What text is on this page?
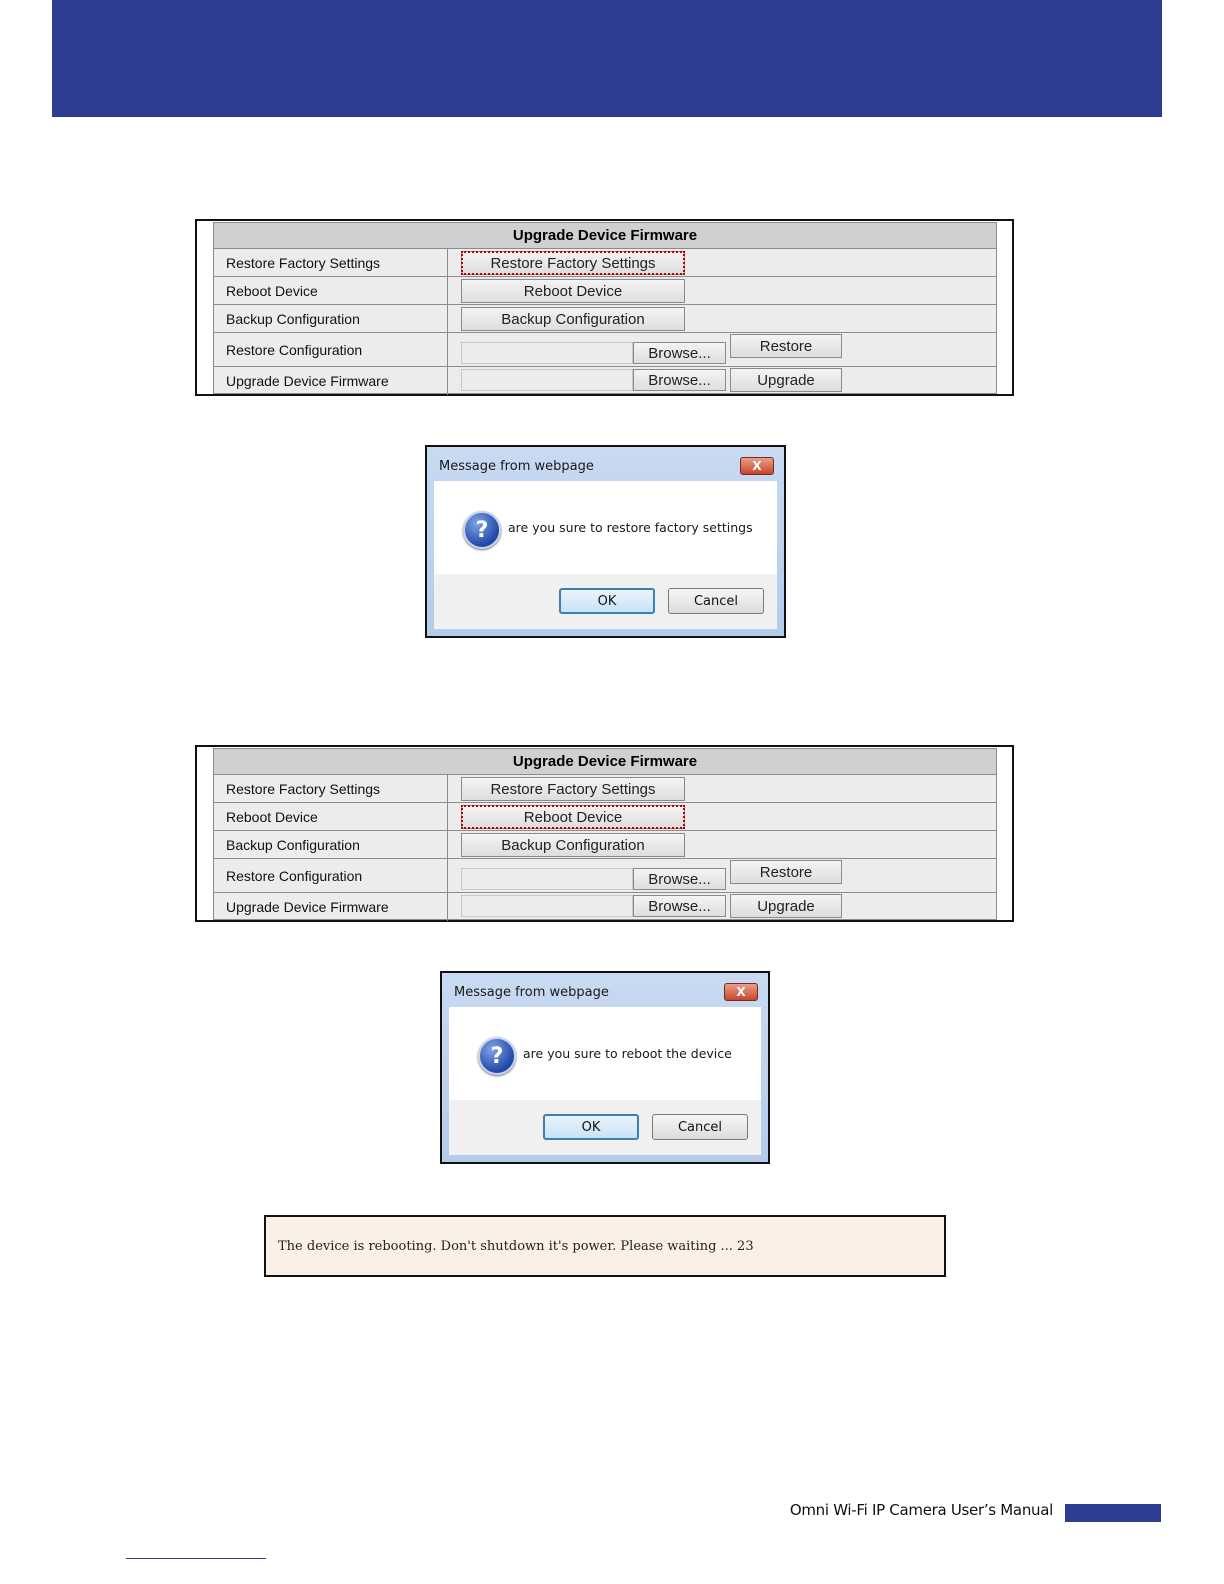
Upgrade Device Firmware
Restore Factory Settings	Restore Factory Settings
Reboot Device	Reboot Device
Backup Configuration	Backup Configuration
Restore Configuration	Browse...	Restore
Upgrade Device Firmware	Browse...	Upgrade
Message from webpage	X
?	are you sure to restore factory settings
OK	Cancel
Upgrade Device Firmware
Restore Factory Settings	Restore Factory Settings
Reboot Device	Reboot Device
Backup Configuration	Backup Configuration
Restore Configuration	Browse...	Restore
Upgrade Device Firmware	Browse...	Upgrade
Message from webpage	X
?	are you sure to reboot the device
OK	Cancel
The device is rebooting. Don't shutdown it's power. Please waiting ... 23
Omni Wi-Fi IP Camera User’s Manual
